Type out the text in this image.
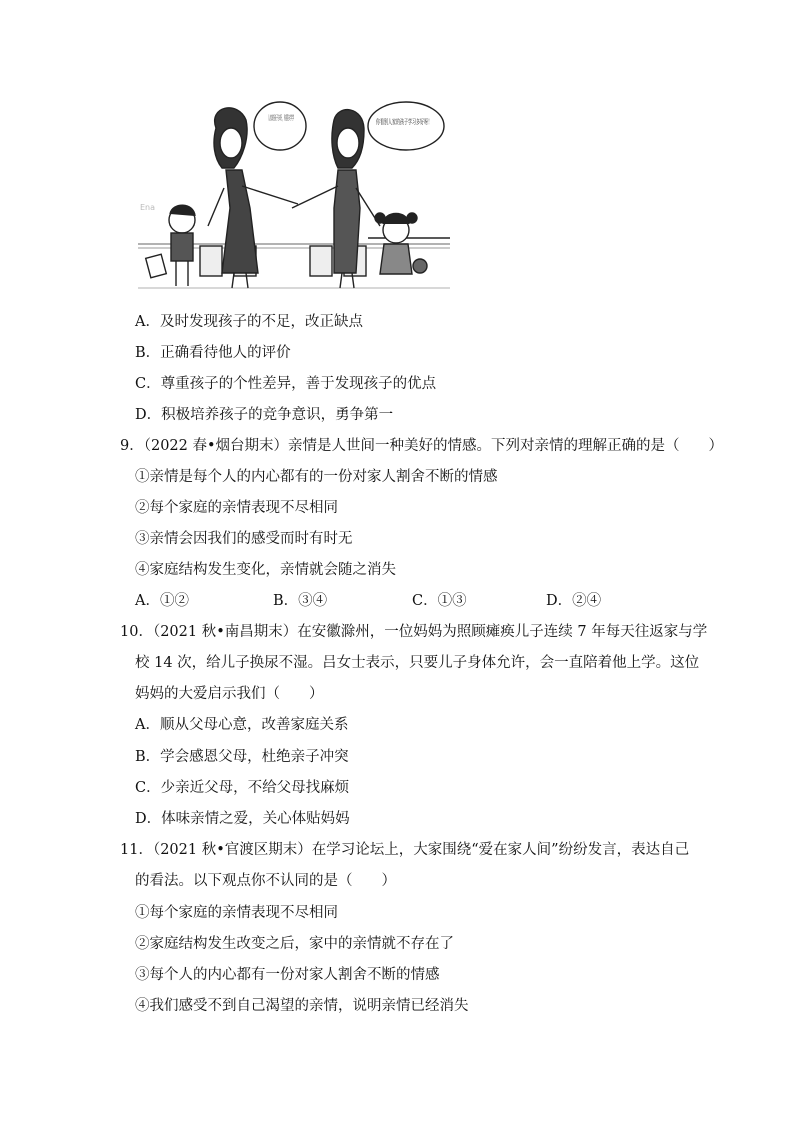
人家的孩子多好，你要多学学 你看别人家的孩子学习多好呀！
Ena
A．及时发现孩子的不足，改正缺点
B．正确看待他人的评价
C．尊重孩子的个性差异，善于发现孩子的优点
D．积极培养孩子的竞争意识，勇争第一
9．（2022 春•烟台期末）亲情是人世间一种美好的情感。下列对亲情的理解正确的是（　　）
①亲情是每个人的内心都有的一份对家人割舍不断的情感
②每个家庭的亲情表现不尽相同
③亲情会因我们的感受而时有时无
④家庭结构发生变化，亲情就会随之消失
A．①②	B．③④	C．①③	D．②④
10．（2021 秋•南昌期末）在安徽滁州，一位妈妈为照顾瘫痪儿子连续 7 年每天往返家与学
校 14 次，给儿子换尿不湿。吕女士表示，只要儿子身体允许，会一直陪着他上学。这位
妈妈的大爱启示我们（　　）
A．顺从父母心意，改善家庭关系
B．学会感恩父母，杜绝亲子冲突
C．少亲近父母，不给父母找麻烦
D．体味亲情之爱，关心体贴妈妈
11．（2021 秋•官渡区期末）在学习论坛上，大家围绕“爱在家人间”纷纷发言，表达自己
的看法。以下观点你不认同的是（　　）
①每个家庭的亲情表现不尽相同
②家庭结构发生改变之后，家中的亲情就不存在了
③每个人的内心都有一份对家人割舍不断的情感
④我们感受不到自己渴望的亲情，说明亲情已经消失
